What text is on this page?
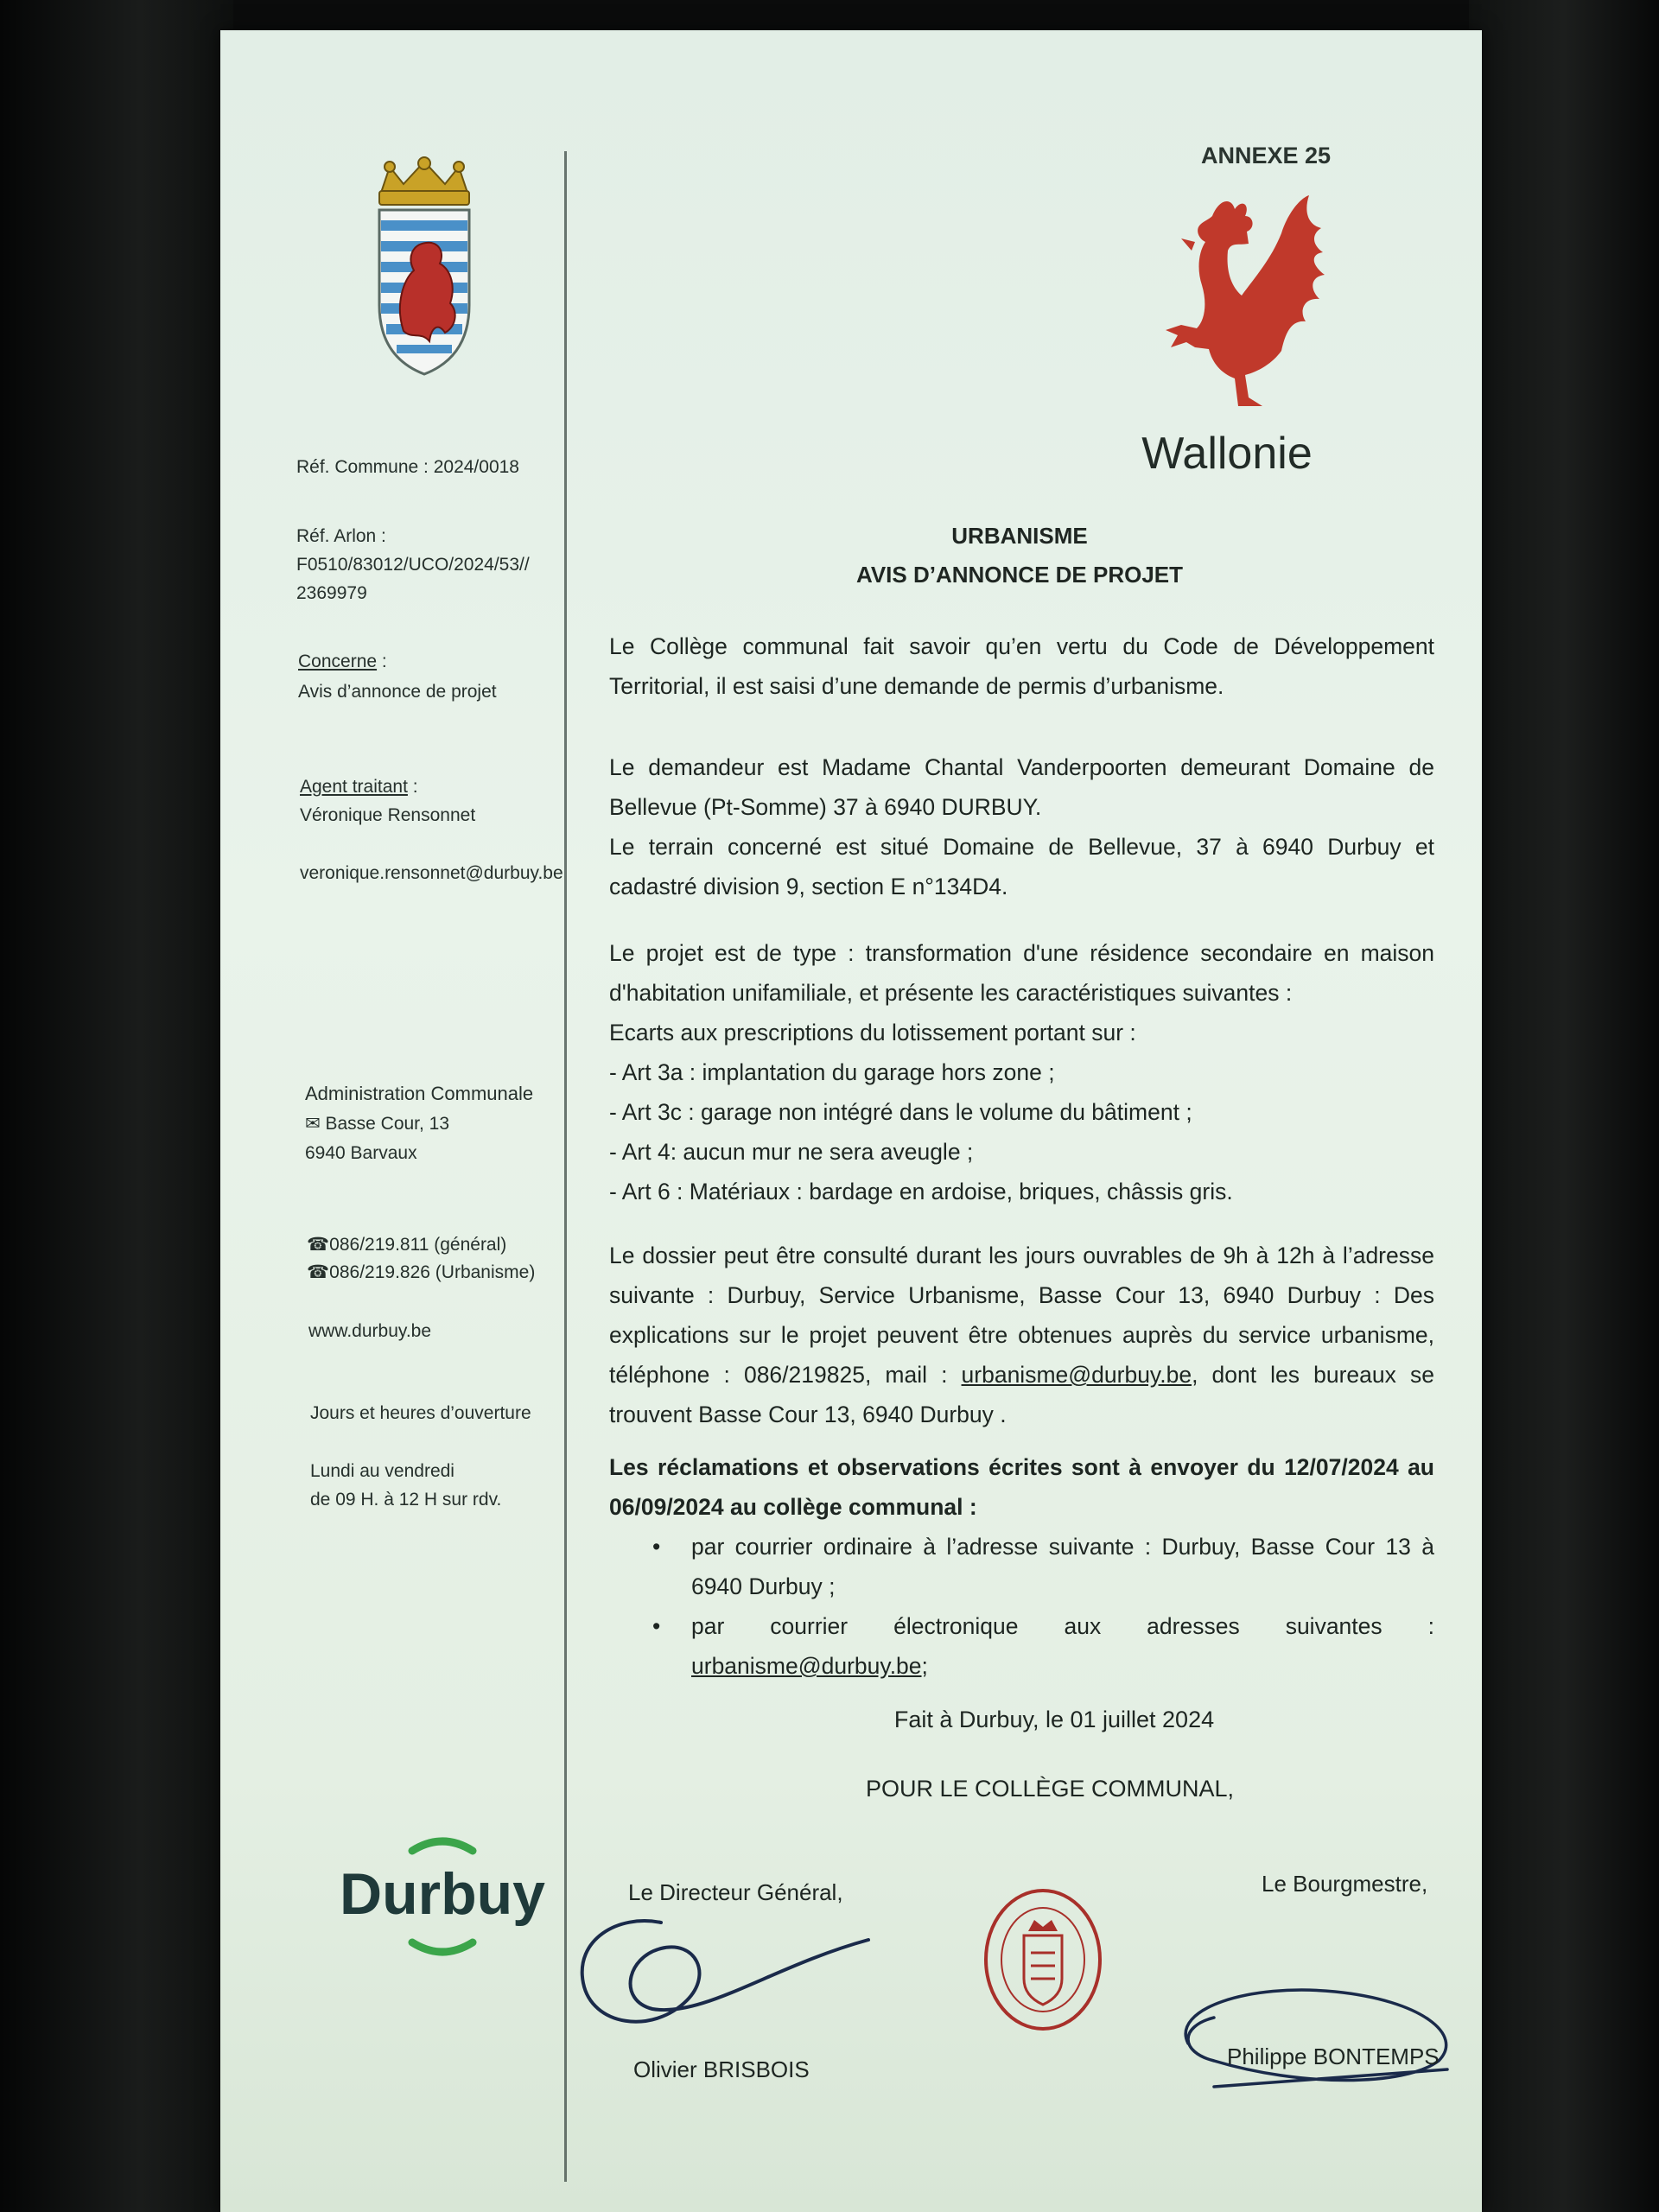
Réf. Commune : 2024/0018
Réf. Arlon :
F0510/83012/UCO/2024/53//
2369979
Concerne :
Avis d’annonce de projet
Agent traitant :
Véronique Rensonnet
veronique.rensonnet@durbuy.be
Administration Communale
✉ Basse Cour, 13
6940 Barvaux
☎086/219.811 (général)
☎086/219.826 (Urbanisme)
www.durbuy.be
Jours et heures d’ouverture
Lundi au vendredi
de 09 H. à 12 H sur rdv.
Durbuy
ANNEXE 25
Wallonie
URBANISME
AVIS D’ANNONCE DE PROJET

Le Collège communal fait savoir qu’en vertu du Code de Développement Territorial, il est saisi d’une demande de permis d’urbanisme.

Le demandeur est Madame Chantal Vanderpoorten demeurant Domaine de Bellevue (Pt-Somme) 37 à 6940 DURBUY.

Le terrain concerné est situé Domaine de Bellevue, 37 à 6940 Durbuy et cadastré division 9, section E n°134D4.

Le projet est de type : transformation d'une résidence secondaire en maison d'habitation unifamiliale, et présente les caractéristiques suivantes :

Ecarts aux prescriptions du lotissement portant sur :

- Art 3a : implantation du garage hors zone ;

- Art 3c : garage non intégré dans le volume du bâtiment ;

- Art 4: aucun mur ne sera aveugle ;

- Art 6 : Matériaux : bardage en ardoise, briques, châssis gris.

Le dossier peut être consulté durant les jours ouvrables de 9h à 12h à l’adresse suivante : Durbuy, Service Urbanisme, Basse Cour 13, 6940 Durbuy : Des explications sur le projet peuvent être obtenues auprès du service urbanisme, téléphone : 086/219825, mail : urbanisme@durbuy.be, dont les bureaux se trouvent Basse Cour 13, 6940 Durbuy .

Les réclamations et observations écrites sont à envoyer du 12/07/2024 au 06/09/2024 au collège communal :

• par courrier ordinaire à l’adresse suivante : Durbuy, Basse Cour 13 à 6940 Durbuy ;
• par courrier électronique aux adresses suivantes : urbanisme@durbuy.be;
Fait à Durbuy, le 01 juillet 2024
POUR LE COLLÈGE COMMUNAL,
Le Directeur Général,	Le Bourgmestre,
Olivier BRISBOIS	Philippe BONTEMPS
